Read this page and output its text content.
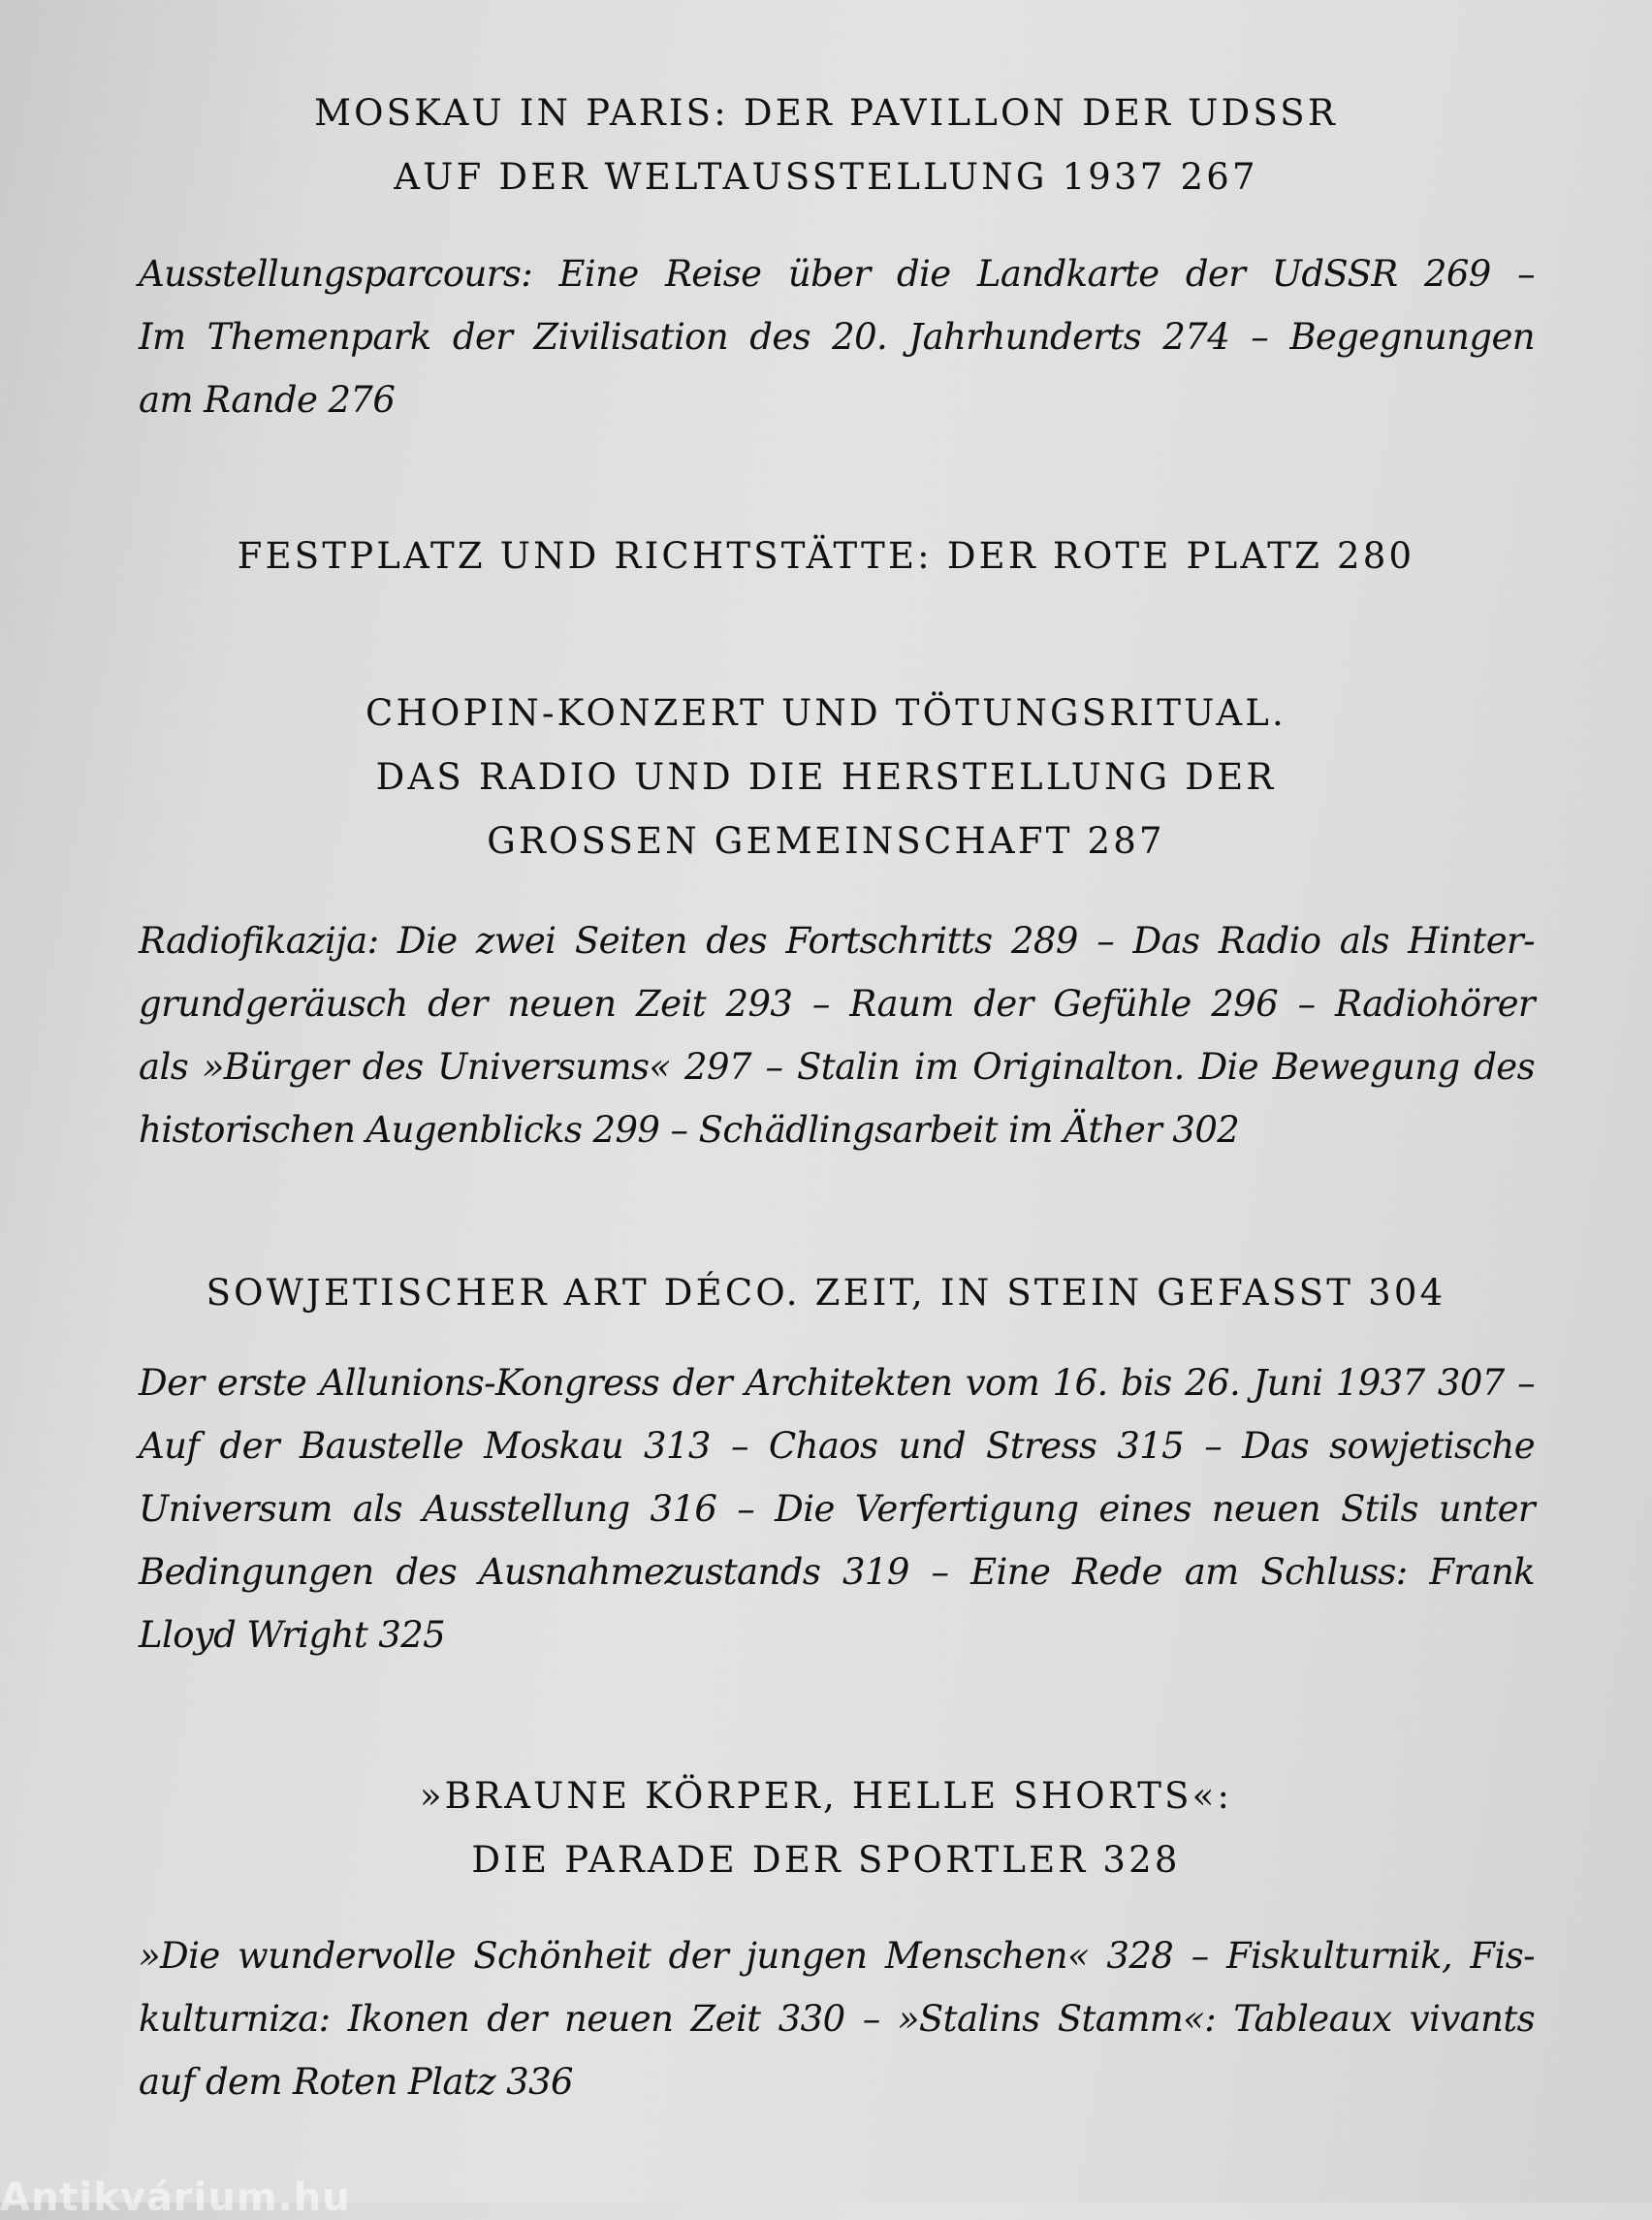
MOSKAU IN PARIS: DER PAVILLON DER UDSSR
AUF DER WELTAUSSTELLUNG 1937 267
Ausstellungsparcours: Eine Reise über die Landkarte der UdSSR 269 –
Im Themenpark der Zivilisation des 20. Jahrhunderts 274 – Begegnungen
am Rande 276
FESTPLATZ UND RICHTSTÄTTE: DER ROTE PLATZ 280
CHOPIN-KONZERT UND TÖTUNGSRITUAL.
DAS RADIO UND DIE HERSTELLUNG DER
GROSSEN GEMEINSCHAFT 287
Radiofikazija: Die zwei Seiten des Fortschritts 289 – Das Radio als Hinter-
grundgeräusch der neuen Zeit 293 – Raum der Gefühle 296 – Radiohörer
als »Bürger des Universums« 297 – Stalin im Originalton. Die Bewegung des
historischen Augenblicks 299 – Schädlingsarbeit im Äther 302
SOWJETISCHER ART DÉCO. ZEIT, IN STEIN GEFASST 304
Der erste Allunions-Kongress der Architekten vom 16. bis 26. Juni 1937 307 –
Auf der Baustelle Moskau 313 – Chaos und Stress 315 – Das sowjetische
Universum als Ausstellung 316 – Die Verfertigung eines neuen Stils unter
Bedingungen des Ausnahmezustands 319 – Eine Rede am Schluss: Frank
Lloyd Wright 325
»BRAUNE KÖRPER, HELLE SHORTS«:
DIE PARADE DER SPORTLER 328
»Die wundervolle Schönheit der jungen Menschen« 328 – Fiskulturnik, Fis-
kulturniza: Ikonen der neuen Zeit 330 – »Stalins Stamm«: Tableaux vivants
auf dem Roten Platz 336
Antikvárium.hu
